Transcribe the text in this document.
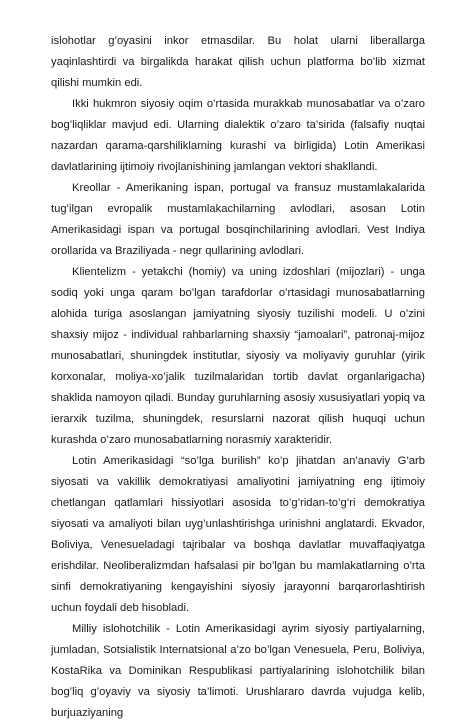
islohotlar g’oyasini inkor etmasdilar. Bu holat ularni liberallarga yaqinlashtirdi va birgalikda harakat qilish uchun platforma bo’lib xizmat qilishi mumkin edi.

Ikki hukmron siyosiy oqim o’rtasida murakkab munosabatlar va o’zaro bog’liqliklar mavjud edi. Ularning dialektik o’zaro ta’sirida (falsafiy nuqtai nazardan qarama-qarshiliklarning kurashi va birligida) Lotin Amerikasi davlatlarining ijtimoiy rivojlanishining jamlangan vektori shakllandi.

Kreollar - Amerikaning ispan, portugal va fransuz mustamlakalarida tug’ilgan evropalik mustamlakachilarning avlodlari, asosan Lotin Amerikasidagi ispan va portugal bosqinchilarining avlodlari. Vest Indiya orollarida va Braziliyada - negr qullarining avlodlari.

Klientelizm - yetakchi (homiy) va uning izdoshlari (mijozlari) - unga sodiq yoki unga qaram bo’lgan tarafdorlar o’rtasidagi munosabatlarning alohida turiga asoslangan jamiyatning siyosiy tuzilishi modeli. U o’zini shaxsiy mijoz - individual rahbarlarning shaxsiy “jamoalari”, patronaj-mijoz munosabatlari, shuningdek institutlar, siyosiy va moliyaviy guruhlar (yirik korxonalar, moliya-xo’jalik tuzilmalaridan tortib davlat organlarigacha) shaklida namoyon qiladi. Bunday guruhlarning asosiy xususiyatlari yopiq va ierarxik tuzilma, shuningdek, resurslarni nazorat qilish huquqi uchun kurashda o’zaro munosabatlarning norasmiy xarakteridir.

Lotin Amerikasidagi “so’lga burilish” ko’p jihatdan an’anaviy G’arb siyosati va vakillik demokratiyasi amaliyotini jamiyatning eng ijtimoiy chetlangan qatlamlari hissiyotlari asosida to’g’ridan-to’g’ri demokratiya siyosati va amaliyoti bilan uyg’unlashtirishga urinishni anglatardi. Ekvador, Boliviya, Venesueladagi tajribalar va boshqa davlatlar muvaffaqiyatga erishdilar. Neoliberalizmdan hafsalasi pir bo’lgan bu mamlakatlarning o’rta sinfi demokratiyaning kengayishini siyosiy jarayonni barqarorlashtirish uchun foydali deb hisobladi.

Milliy islohotchilik - Lotin Amerikasidagi ayrim siyosiy partiyalarning, jumladan, Sotsialistik Internatsional a’zo bo’lgan Venesuela, Peru, Boliviya, KostaRika va Dominikan Respublikasi partiyalarining islohotchilik bilan bog’liq g’oyaviy va siyosiy ta’limoti. Urushlararo davrda vujudga kelib, burjuaziyaning
